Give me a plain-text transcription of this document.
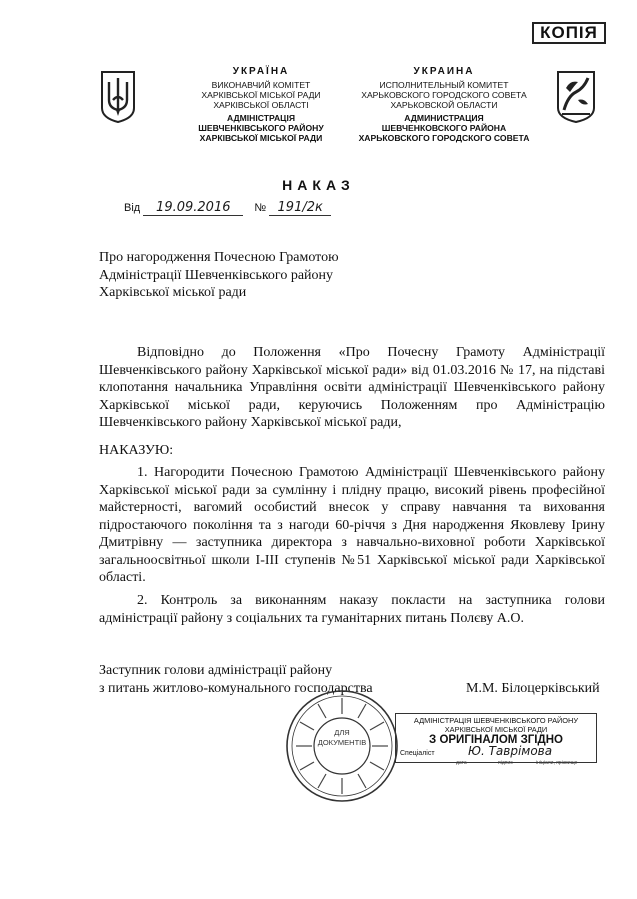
КОПІЯ
УКРАЇНА
ВИКОНАВЧИЙ КОМІТЕТ
ХАРКІВСЬКОЇ МІСЬКОЇ РАДИ
ХАРКІВСЬКОЇ ОБЛАСТІ
АДМІНІСТРАЦІЯ
ШЕВЧЕНКІВСЬКОГО РАЙОНУ
ХАРКІВСЬКОЇ МІСЬКОЇ РАДИ
УКРАИНА
ИСПОЛНИТЕЛЬНЫЙ КОМИТЕТ
ХАРЬКОВСКОГО ГОРОДСКОГО СОВЕТА
ХАРЬКОВСКОЙ ОБЛАСТИ
АДМИНИСТРАЦИЯ
ШЕВЧЕНКОВСКОГО РАЙОНА
ХАРЬКОВСКОГО ГОРОДСКОГО СОВЕТА
НАКАЗ
Від 19.09.2016 № 191/2к
Про нагородження Почесною Грамотою
Адміністрації Шевченківського району
Харківської міської ради
Відповідно до Положення «Про Почесну Грамоту Адміністрації Шевченківського району Харківської міської ради» від 01.03.2016 № 17, на підставі клопотання начальника Управління освіти адміністрації Шевченківського району Харківської міської ради, керуючись Положенням про Адміністрацію Шевченківського району Харківської міської ради,
НАКАЗУЮ:
1. Нагородити Почесною Грамотою Адміністрації Шевченківського району Харківської міської ради за сумлінну і плідну працю, високий рівень професійної майстерності, вагомий особистий внесок у справу навчання та виховання підростаючого покоління та з нагоди 60-річчя з Дня народження Яковлеву Ірину Дмитрівну — заступника директора з навчально-виховної роботи Харківської загальноосвітньої школи І-ІІІ ступенів №51 Харківської міської ради Харківської області.
2. Контроль за виконанням наказу покласти на заступника голови адміністрації району з соціальних та гуманітарних питань Полєву А.О.
Заступник голови адміністрації району
з питань житлово-комунального господарства	М.М. Білоцерківський
ДЛЯ
ДОКУМЕНТІВ
АДМІНІСТРАЦІЯ ШЕВЧЕНКІВСЬКОГО РАЙОНУ
ХАРКІВСЬКОЇ МІСЬКОЇ РАДИ
З ОРИГІНАЛОМ ЗГІДНО
Спеціаліст	Ю. Таврімова
дата	підпис	ініціали, прізвище
